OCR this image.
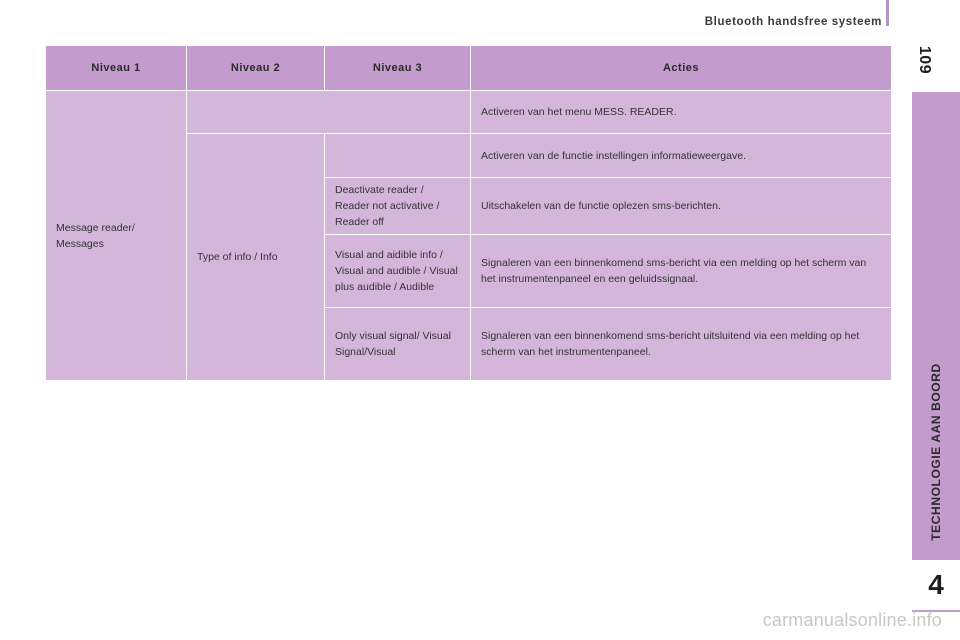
Bluetooth handsfree systeem
109
TECHNOLOGIE AAN BOORD
4
Niveau 1	Niveau 2	Niveau 3	Acties
Message reader/ Messages			Activeren van het menu MESS. READER.
	Type of info / Info		Activeren van de functie instellingen informatieweergave.
		Deactivate reader / Reader not activative / Reader off	Uitschakelen van de functie oplezen sms-berichten.
		Visual and aidible info / Visual and audible / Visual plus audible / Audible	Signaleren van een binnenkomend sms-bericht via een melding op het scherm van het instrumentenpaneel en een geluidssignaal.
		Only visual signal/ Visual Signal/Visual	Signaleren van een binnenkomend sms-bericht uitsluitend via een melding op het scherm van het instrumentenpaneel.
carmanualsonline.info
